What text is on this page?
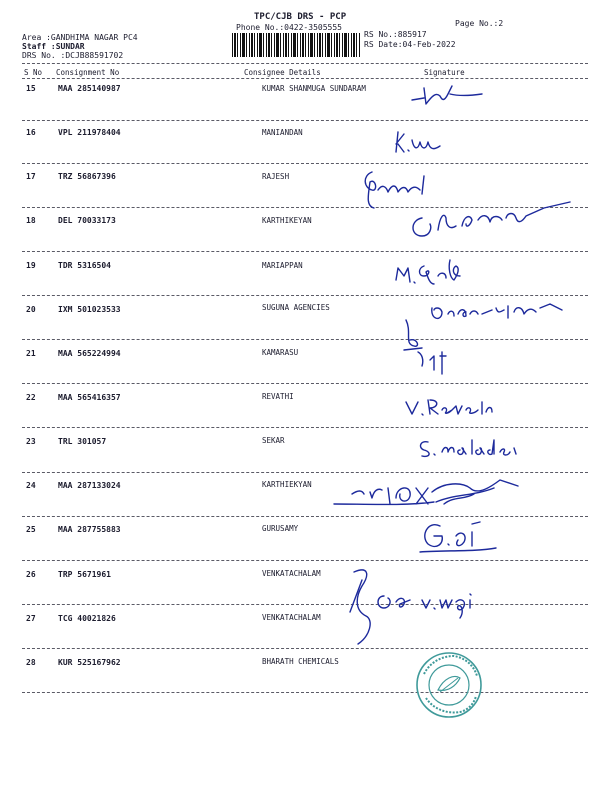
TPC/CJB DRS - PCP
Phone No.:0422-3505555	Page No.:2
Area :GANDHIMA NAGAR PC4
Staff :SUNDAR
DRS No. :DCJB88591702
RS No.:885917
RS Date:04-Feb-2022
S No Consignment No	Consignee Details	Signature
15	MAA 285140987	KUMAR SHANMUGA SUNDARAM
16	VPL 211978404	MANIANDAN
17	TRZ 56867396	RAJESH
18	DEL 70033173	KARTHIKEYAN
19	TDR 5316504	MARIAPPAN
20	IXM 501023533	SUGUNA AGENCIES
21	MAA 565224994	KAMARASU
22	MAA 565416357	REVATHI
23	TRL 301057	SEKAR
24	MAA 287133024	KARTHIEKYAN
25	MAA 287755883	GURUSAMY
26	TRP 5671961	VENKATACHALAM
27	TCG 40021826	VENKATACHALAM
28	KUR 525167962	BHARATH CHEMICALS
